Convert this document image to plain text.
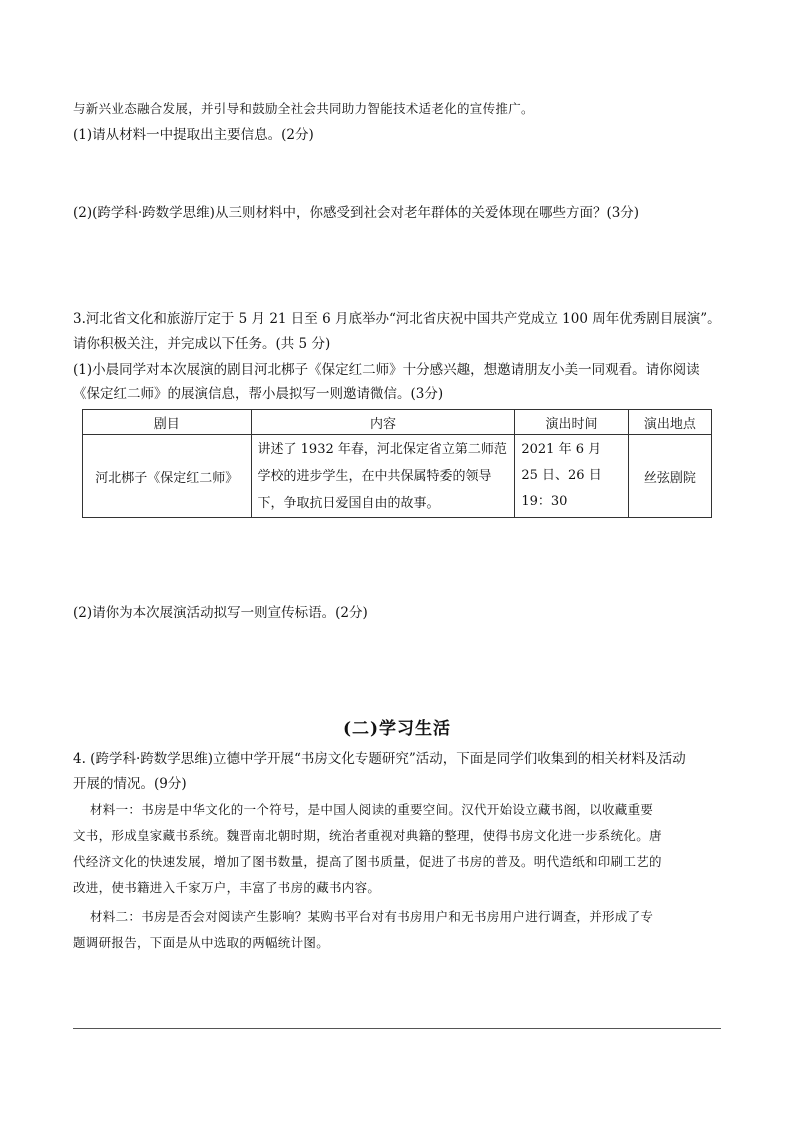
与新兴业态融合发展，并引导和鼓励全社会共同助力智能技术适老化的宣传推广。
(1)请从材料一中提取出主要信息。(2分)
(2)(跨学科·跨数学思维)从三则材料中，你感受到社会对老年群体的关爱体现在哪些方面？(3分)
3.河北省文化和旅游厅定于 5 月 21 日至 6 月底举办“河北省庆祝中国共产党成立 100 周年优秀剧目展演”。
请你积极关注，并完成以下任务。(共 5 分)
(1)小晨同学对本次展演的剧目河北梆子《保定红二师》十分感兴趣，想邀请朋友小美一同观看。请你阅读
《保定红二师》的展演信息，帮小晨拟写一则邀请微信。(3分)
剧目	内容	演出时间	演出地点
河北梆子《保定红二师》	讲述了 1932 年春，河北保定省立第二师范学校的进步学生，在中共保属特委的领导下，争取抗日爱国自由的故事。	2021 年 6 月 25 日、26 日 19：30	丝弦剧院
(2)请你为本次展演活动拟写一则宣传标语。(2分)
(二)学习生活
4. (跨学科·跨数学思维)立德中学开展“书房文化专题研究”活动，下面是同学们收集到的相关材料及活动
开展的情况。(9分)
材料一：书房是中华文化的一个符号，是中国人阅读的重要空间。汉代开始设立藏书阁，以收藏重要
文书，形成皇家藏书系统。魏晋南北朝时期，统治者重视对典籍的整理，使得书房文化进一步系统化。唐
代经济文化的快速发展，增加了图书数量，提高了图书质量，促进了书房的普及。明代造纸和印刷工艺的
改进，使书籍进入千家万户，丰富了书房的藏书内容。
材料二：书房是否会对阅读产生影响？某购书平台对有书房用户和无书房用户进行调查，并形成了专
题调研报告，下面是从中选取的两幅统计图。
